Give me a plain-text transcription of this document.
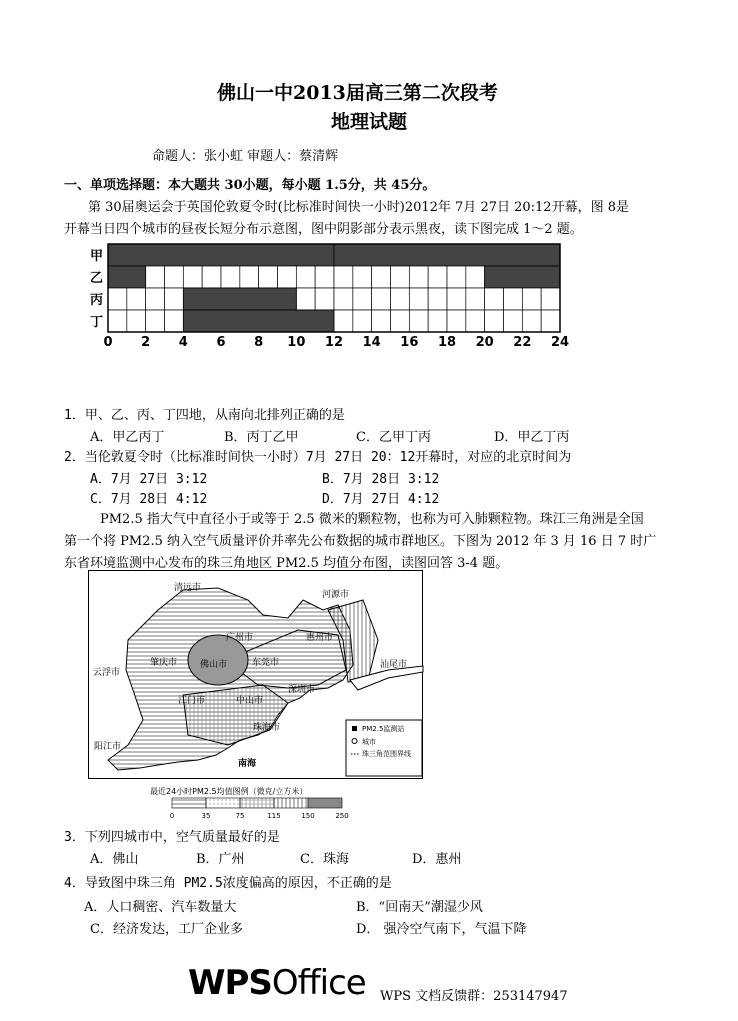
佛山一中2013届高三第二次段考
地理试题
命题人：张小虹 审题人：蔡清辉
一、单项选择题：本大题共 30小题，每小题 1.5分，共 45分。
第 30届奥运会于英国伦敦夏令时(比标准时间快一小时)2012年 7月 27日 20:12开幕，图 8是
开幕当日四个城市的昼夜长短分布示意图，图中阴影部分表示黑夜，读下图完成 1～2 题。
甲
乙
丙
丁
0 2 4 6 8 10 12 14 16 18 20 22 24
1．甲、乙、丙、丁四地，从南向北排列正确的是
A．甲乙丙丁	B．丙丁乙甲	C．乙甲丁丙	D．甲乙丁丙
2．当伦敦夏令时（比标准时间快一小时）7月 27日 20：12开幕时，对应的北京时间为
A．7月 27日 3:12	B．7月 28日 3:12
C．7月 28日 4:12	D．7月 27日 4:12
PM2.5 指大气中直径小于或等于 2.5 微米的颗粒物，也称为可入肺颗粒物。珠江三角洲是全国
第一个将 PM2.5 纳入空气质量评价并率先公布数据的城市群地区。下图为 2012 年 3 月 16 日 7 时广
东省环境监测中心发布的珠三角地区 PM2.5 均值分布图，读图回答 3-4 题。
清远市
河源市
广州市	惠州市
肇庆市	佛山市	东莞市
云浮市
汕尾市
深圳市
江门市	中山市
珠海市
阳江市
南海
PM2.5监测站
城市
珠三角范围界线
最近24小时PM2.5均值图例（微克/立方米）
0	35	75	115	150	250
3．下列四城市中，空气质量最好的是
A．佛山	B．广州	C．珠海	D．惠州
4．导致图中珠三角 PM2.5浓度偏高的原因，不正确的是
A．人口稠密、汽车数量大	B．“回南天”潮湿少风
C．经济发达，工厂企业多	D． 强冷空气南下，气温下降
WPSOffice WPS 文档反馈群：253147947
